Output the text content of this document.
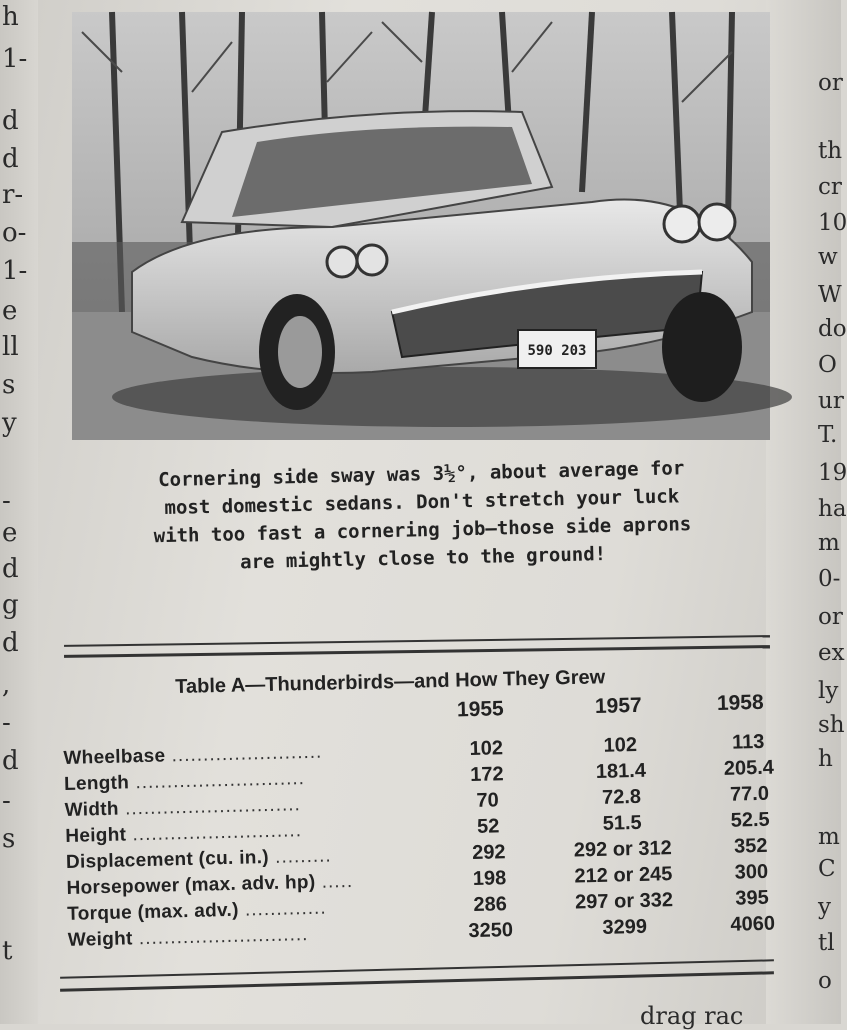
h
1-
d
d
r-
o-
1-
e
ll
s
y
-
e
d
g
d
,
-
d
-
s
t
or
th
cr
10
w
W
do
O
ur
T.
19
ha
m
0-
or
ex
ly
sh
h
m
C
y
tl
o
drag rac
590 203
Cornering side sway was 3½°, about average for
most domestic sedans. Don't stretch your luck
with too fast a cornering job—those side aprons
are mightly close to the ground!
Table A—Thunderbirds—and How They Grew
1955	1957	1958
Wheelbase ........................	102	102	113
Length ...........................	172	181.4	205.4
Width ............................	70	72.8	77.0
Height ...........................	52	51.5	52.5
Displacement (cu. in.) .........	292	292 or 312	352
Horsepower (max. adv. hp) .....	198	212 or 245	300
Torque (max. adv.) .............	286	297 or 332	395
Weight ...........................	3250	3299	4060
